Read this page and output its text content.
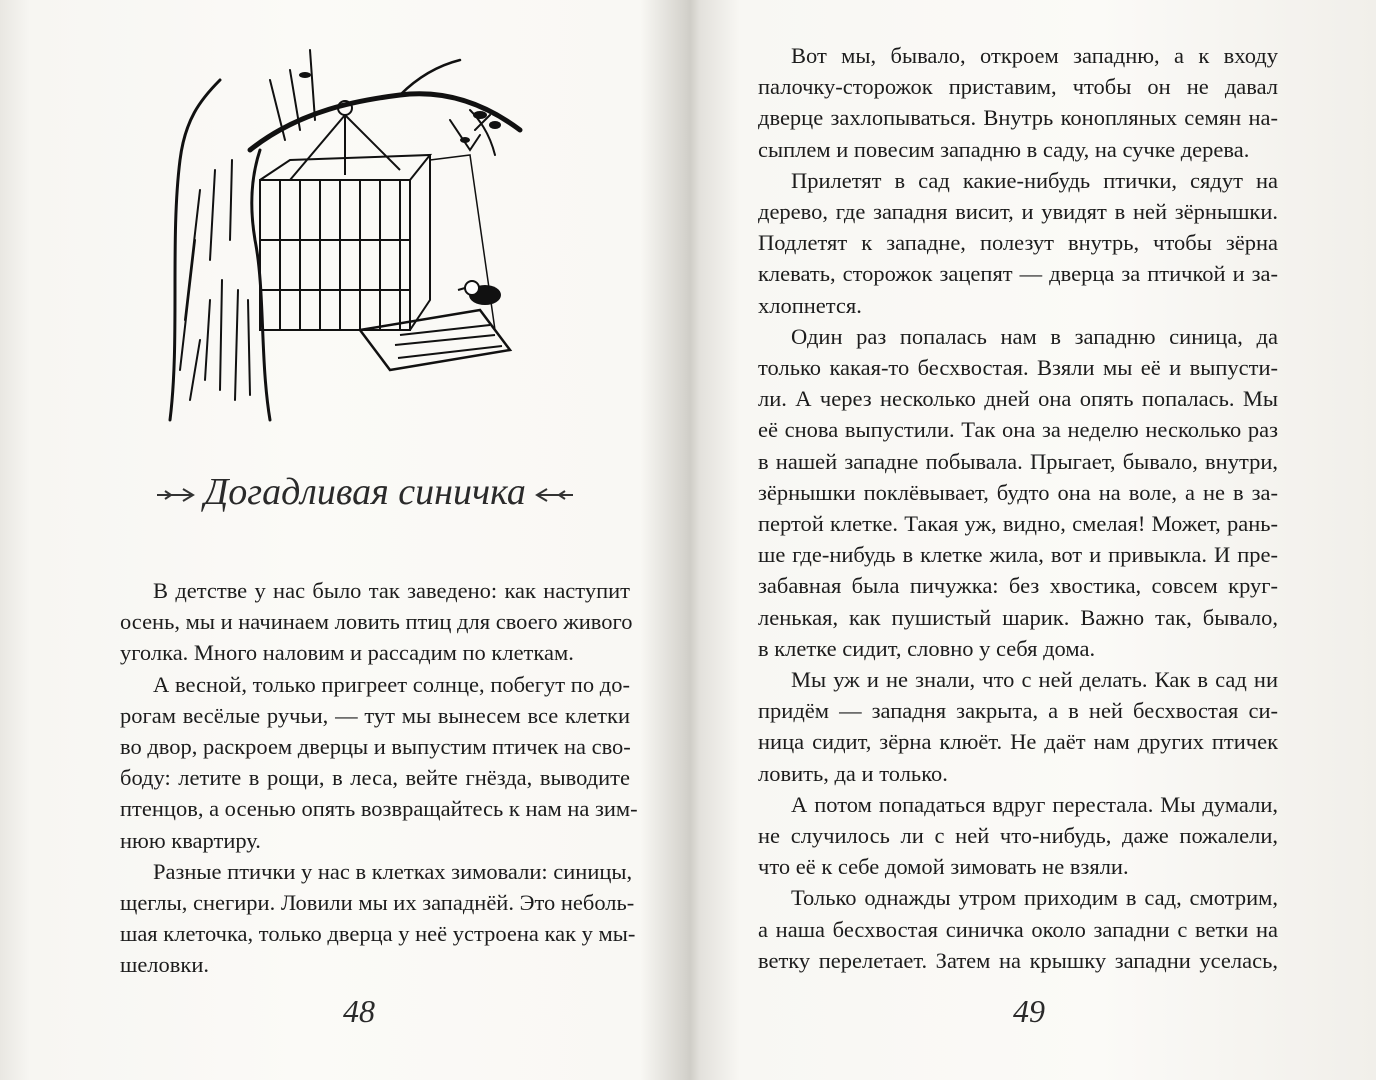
Догадливая синичка
В детстве у нас было так заведено: как наступит
осень, мы и начинаем ловить птиц для своего живого
уголка. Много наловим и рассадим по клеткам.
А весной, только пригреет солнце, побегут по до-
рогам весёлые ручьи, — тут мы вынесем все клетки
во двор, раскроем дверцы и выпустим птичек на сво-
боду: летите в рощи, в леса, вейте гнёзда, выводите
птенцов, а осенью опять возвращайтесь к нам на зим-
нюю квартиру.
Разные птички у нас в клетках зимовали: синицы,
щеглы, снегири. Ловили мы их западнёй. Это неболь-
шая клеточка, только дверца у неё устроена как у мы-
шеловки.
48
Вот мы, бывало, откроем западню, а к входу
палочку-сторожок приставим, чтобы он не давал
дверце захлопываться. Внутрь конопляных семян на-
сыплем и повесим западню в саду, на сучке дерева.
Прилетят в сад какие-нибудь птички, сядут на
дерево, где западня висит, и увидят в ней зёрнышки.
Подлетят к западне, полезут внутрь, чтобы зёрна
клевать, сторожок зацепят — дверца за птичкой и за-
хлопнется.
Один раз попалась нам в западню синица, да
только какая-то бесхвостая. Взяли мы её и выпусти-
ли. А через несколько дней она опять попалась. Мы
её снова выпустили. Так она за неделю несколько раз
в нашей западне побывала. Прыгает, бывало, внутри,
зёрнышки поклёвывает, будто она на воле, а не в за-
пертой клетке. Такая уж, видно, смелая! Может, рань-
ше где-нибудь в клетке жила, вот и привыкла. И пре-
забавная была пичужка: без хвостика, совсем круг-
ленькая, как пушистый шарик. Важно так, бывало,
в клетке сидит, словно у себя дома.
Мы уж и не знали, что с ней делать. Как в сад ни
придём — западня закрыта, а в ней бесхвостая си-
ница сидит, зёрна клюёт. Не даёт нам других птичек
ловить, да и только.
А потом попадаться вдруг перестала. Мы думали,
не случилось ли с ней что-нибудь, даже пожалели,
что её к себе домой зимовать не взяли.
Только однажды утром приходим в сад, смотрим,
а наша бесхвостая синичка около западни с ветки на
ветку перелетает. Затем на крышку западни уселась,
49
